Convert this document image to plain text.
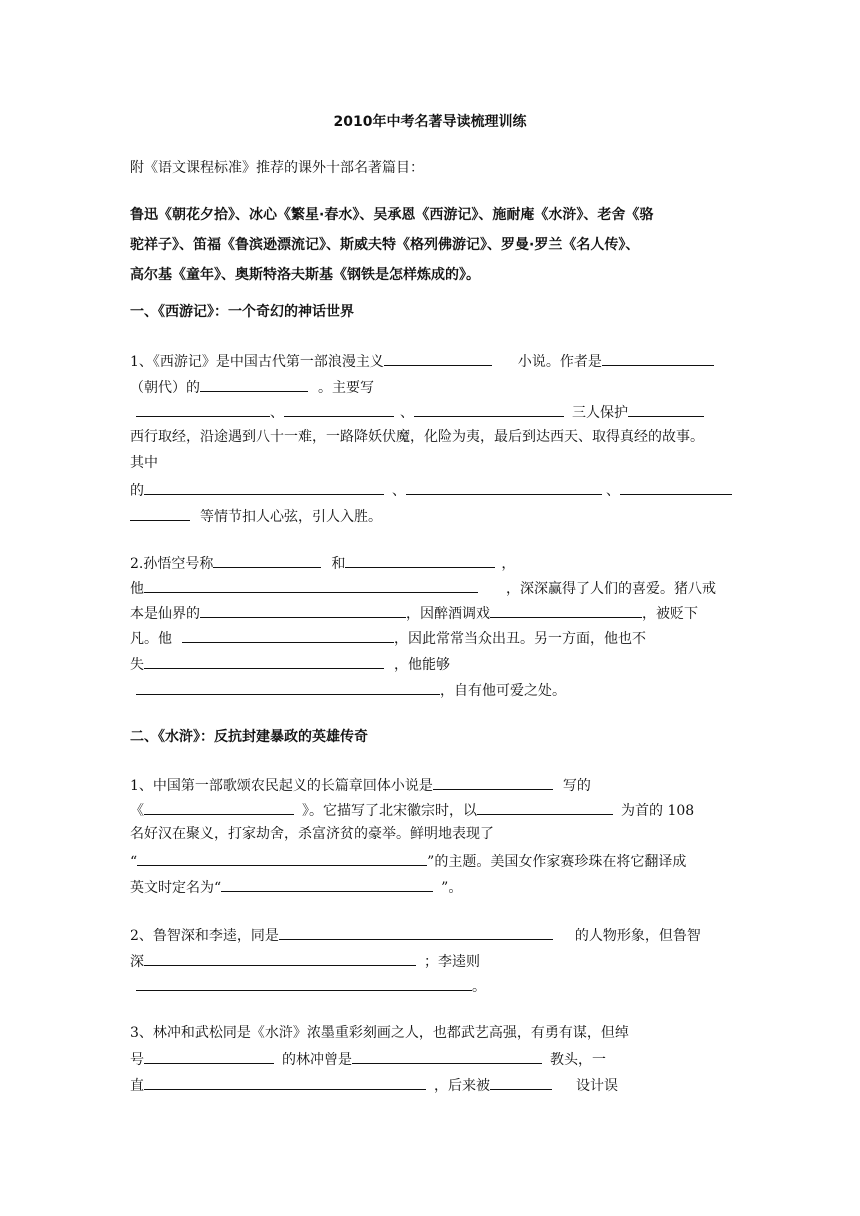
2010年中考名著导读梳理训练
附《语文课程标准》推荐的课外十部名著篇目：
鲁迅《朝花夕拾》、冰心《繁星·春水》、吴承恩《西游记》、施耐庵《水浒》、老舍《骆
驼祥子》、笛福《鲁滨逊漂流记》、斯威夫特《格列佛游记》、罗曼·罗兰《名人传》、
高尔基《童年》、奥斯特洛夫斯基《钢铁是怎样炼成的》。
一、《西游记》：一个奇幻的神话世界
1、《西游记》是中国古代第一部浪漫主义	小说。作者是
（朝代）的	。主要写
、	、	三人保护
西行取经，沿途遇到八十一难，一路降妖伏魔，化险为夷，最后到达西天、取得真经的故事。
其中
的	、	、
等情节扣人心弦，引人入胜。
2.孙悟空号称	和	，
他	，深深赢得了人们的喜爱。猪八戒
本是仙界的	，因醉酒调戏	，被贬下
凡。他	，因此常常当众出丑。另一方面，他也不
失	，他能够
，自有他可爱之处。
二、《水浒》：反抗封建暴政的英雄传奇
1、中国第一部歌颂农民起义的长篇章回体小说是	写的
《	》。它描写了北宋徽宗时，以	为首的 108
名好汉在聚义，打家劫舍，杀富济贫的豪举。鲜明地表现了
“	”的主题。美国女作家赛珍珠在将它翻译成
英文时定名为“	”。
2、鲁智深和李逵，同是	的人物形象，但鲁智
深	；李逵则
。
3、林冲和武松同是《水浒》浓墨重彩刻画之人，也都武艺高强，有勇有谋，但绰
号	的林冲曾是	教头，一
直	，后来被	设计误
